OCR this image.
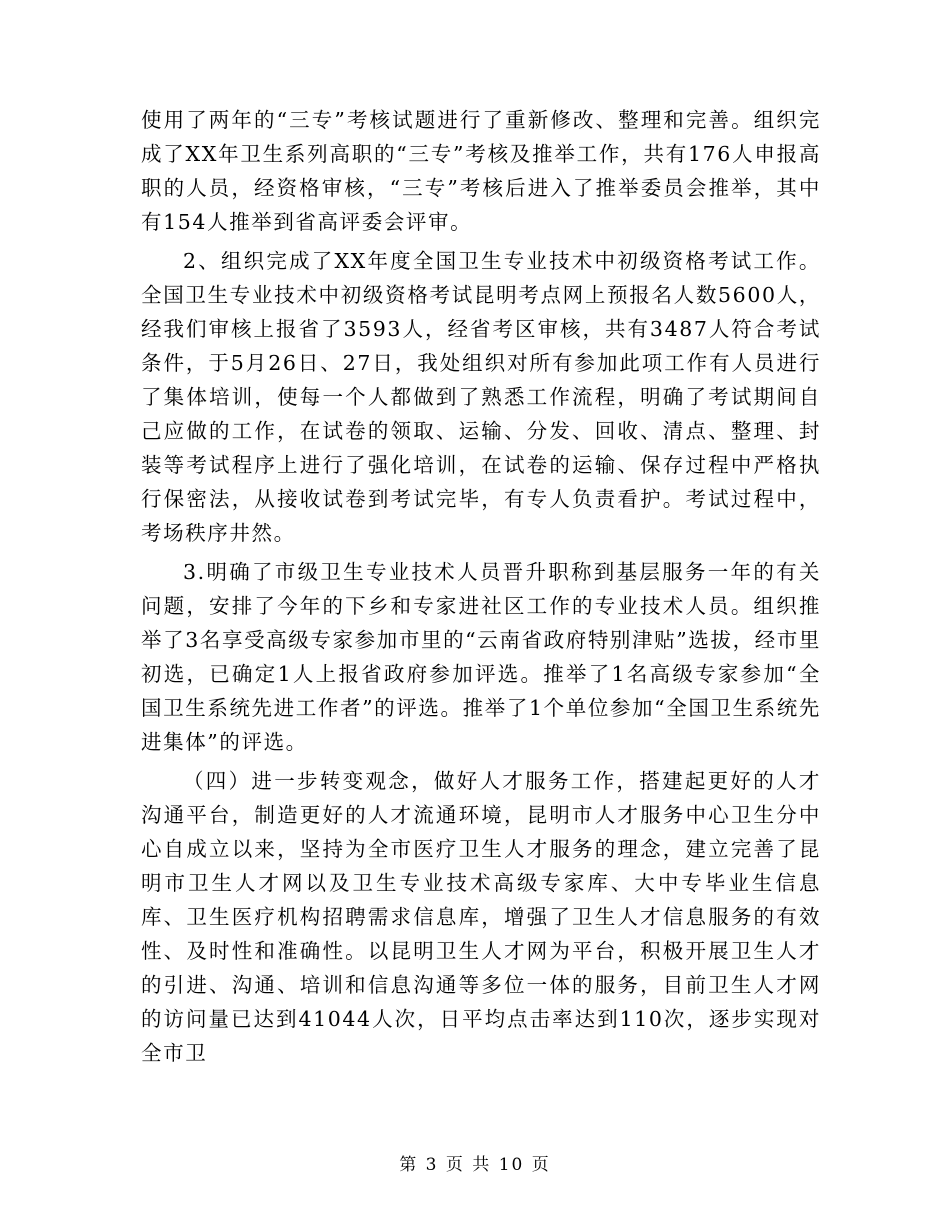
使用了两年的“三专”考核试题进行了重新修改、整理和完善。组织完成了XX年卫生系列高职的“三专”考核及推举工作，共有176人申报高职的人员，经资格审核，“三专”考核后进入了推举委员会推举，其中有154人推举到省高评委会评审。

2、组织完成了XX年度全国卫生专业技术中初级资格考试工作。全国卫生专业技术中初级资格考试昆明考点网上预报名人数5600人，经我们审核上报省了3593人，经省考区审核，共有3487人符合考试条件，于5月26日、27日，我处组织对所有参加此项工作有人员进行了集体培训，使每一个人都做到了熟悉工作流程，明确了考试期间自己应做的工作，在试卷的领取、运输、分发、回收、清点、整理、封装等考试程序上进行了强化培训，在试卷的运输、保存过程中严格执行保密法，从接收试卷到考试完毕，有专人负责看护。考试过程中，考场秩序井然。

3.明确了市级卫生专业技术人员晋升职称到基层服务一年的有关问题，安排了今年的下乡和专家进社区工作的专业技术人员。组织推举了3名享受高级专家参加市里的“云南省政府特别津贴”选拔，经市里初选，已确定1人上报省政府参加评选。推举了1名高级专家参加“全国卫生系统先进工作者”的评选。推举了1个单位参加“全国卫生系统先进集体”的评选。

（四）进一步转变观念，做好人才服务工作，搭建起更好的人才沟通平台，制造更好的人才流通环境，昆明市人才服务中心卫生分中心自成立以来，坚持为全市医疗卫生人才服务的理念，建立完善了昆明市卫生人才网以及卫生专业技术高级专家库、大中专毕业生信息库、卫生医疗机构招聘需求信息库，增强了卫生人才信息服务的有效性、及时性和准确性。以昆明卫生人才网为平台，积极开展卫生人才的引进、沟通、培训和信息沟通等多位一体的服务，目前卫生人才网的访问量已达到41044人次，日平均点击率达到110次，逐步实现对全市卫

第 3 页 共 10 页
